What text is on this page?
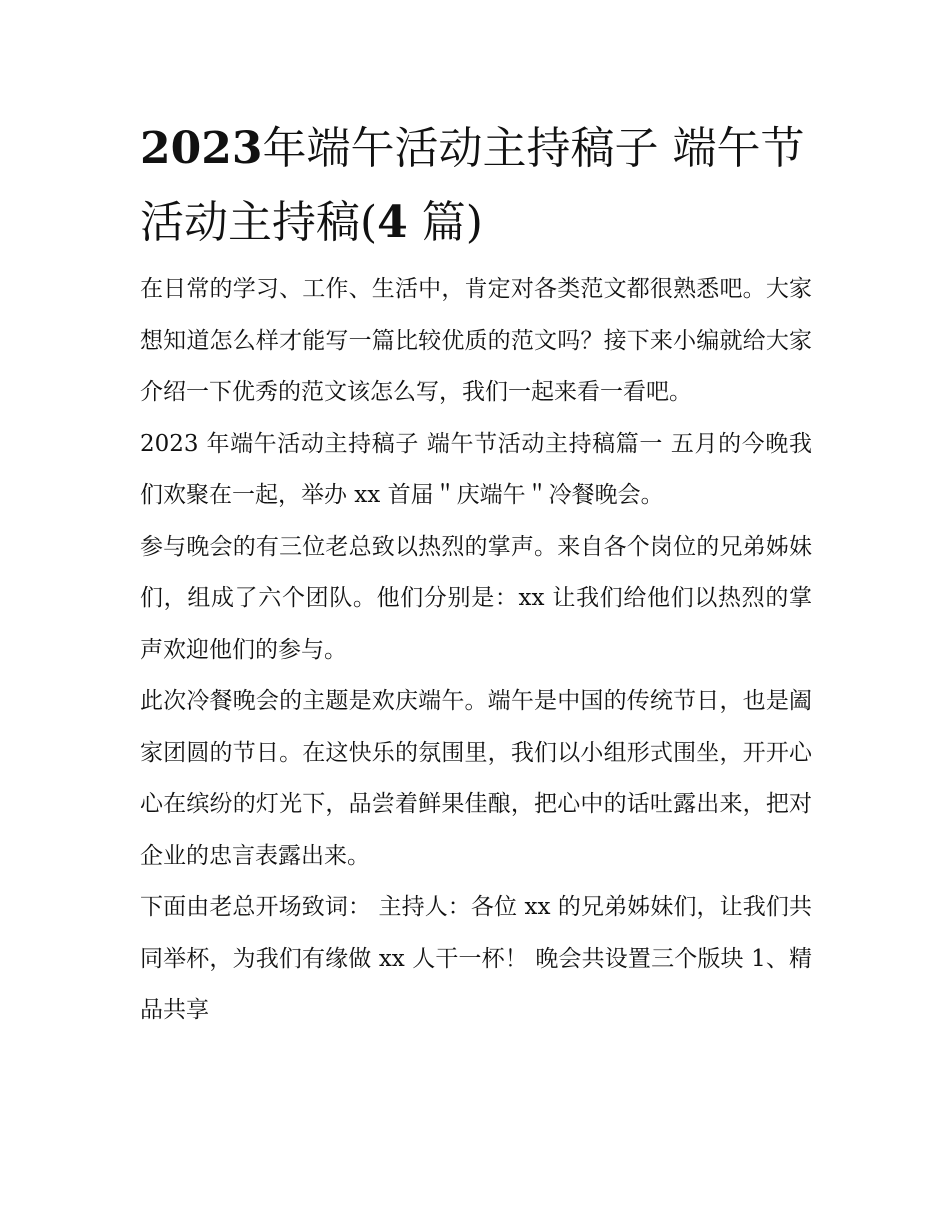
2023年端午活动主持稿子 端午节活动主持稿(4 篇)

在日常的学习、工作、生活中，肯定对各类范文都很熟悉吧。大家想知道怎么样才能写一篇比较优质的范文吗？接下来小编就给大家介绍一下优秀的范文该怎么写，我们一起来看一看吧。

2023 年端午活动主持稿子 端午节活动主持稿篇一 五月的今晚我们欢聚在一起，举办 xx 首届＂庆端午＂冷餐晚会。

参与晚会的有三位老总致以热烈的掌声。来自各个岗位的兄弟姊妹们，组成了六个团队。他们分别是：xx 让我们给他们以热烈的掌声欢迎他们的参与。

此次冷餐晚会的主题是欢庆端午。端午是中国的传统节日，也是阖家团圆的节日。在这快乐的氛围里，我们以小组形式围坐，开开心心在缤纷的灯光下，品尝着鲜果佳酿，把心中的话吐露出来，把对企业的忠言表露出来。

下面由老总开场致词： 主持人：各位 xx 的兄弟姊妹们，让我们共同举杯，为我们有缘做 xx 人干一杯！ 晚会共设置三个版块 1、精品共享
